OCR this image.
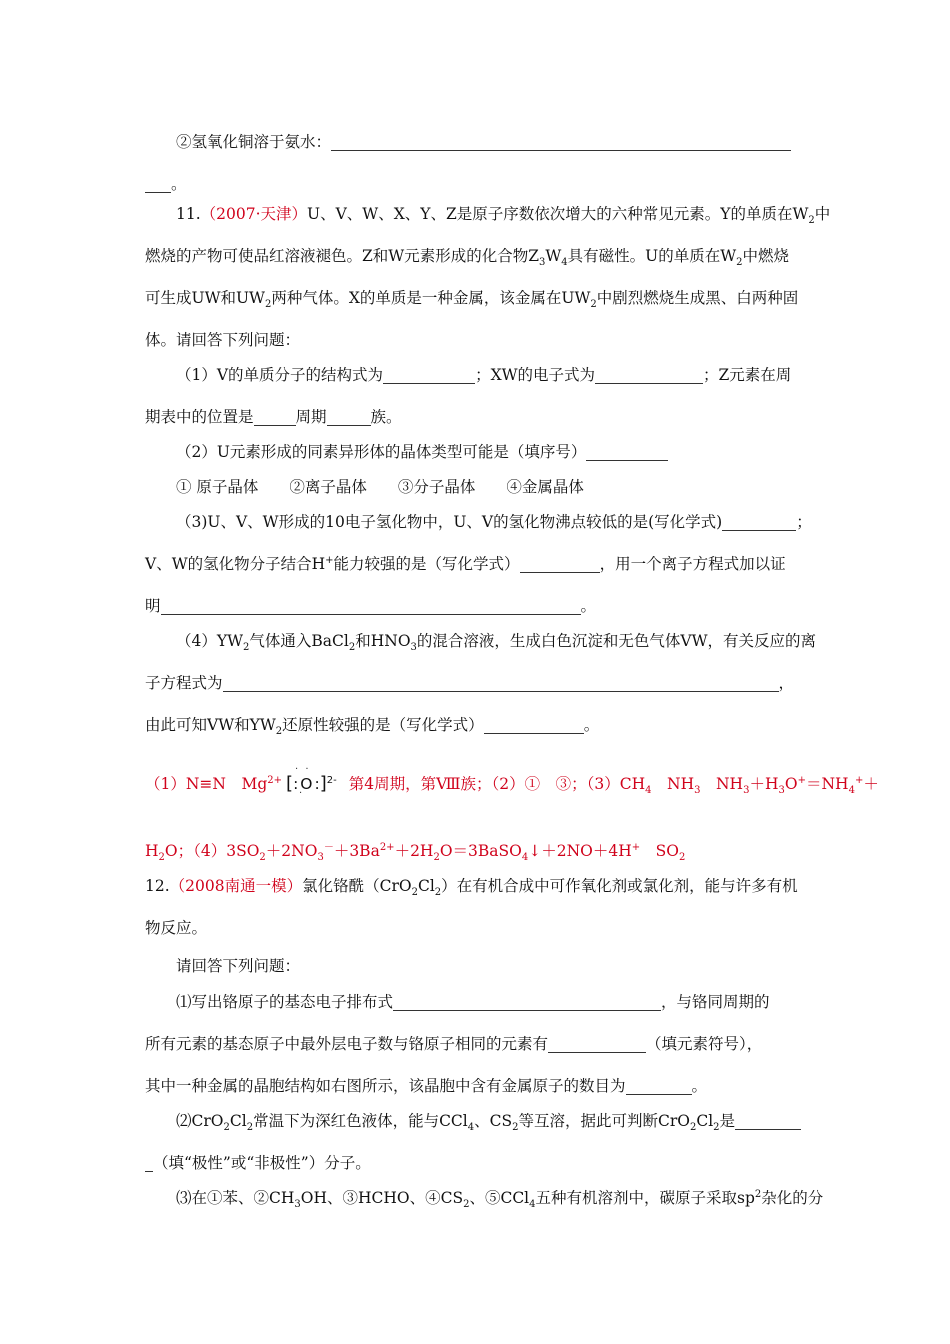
②氢氧化铜溶于氨水：
。
11.（2007·天津）U、V、W、X、Y、Z是原子序数依次增大的六种常见元素。Y的单质在$W_2$中
燃烧的产物可使品红溶液褪色。Z和W元素形成的化合物$Z_3W_4$具有磁性。U的单质在$W_2$中燃烧
可生成UW和$UW_2$两种气体。X的单质是一种金属，该金属在$UW_2$中剧烈燃烧生成黑、白两种固
体。请回答下列问题：
（1）V的单质分子的结构式为	；XW的电子式为	；Z元素在周
期表中的位置是	周期	族。
（2）U元素形成的同素异形体的晶体类型可能是（填序号）
① 原子晶体　　②离子晶体　　③分子晶体　　④金属晶体
（3)U、V、W形成的10电子氢化物中，U、V的氢化物沸点较低的是(写化学式)	；
V、W的氢化物分子结合H+能力较强的是（写化学式）	，用一个离子方程式加以证
明	。
$(4)YW_2$气体通入BaCl$_2$和$HNO_3$的混合溶液，生成白色沉淀和无色气体VW，有关反应的离
子方程式为	，
由此可知VW和$YW_2$还原性较强的是（写化学式）	。
（1）N≡N　$Mg^{2+}$ [: O :]$^{2-}$
· ·
·
第4周期，第Ⅷ族；（2）①　③；$(3)CH_4$　$NH_3$　$NH_3+H_3O^+=NH_4^++$
$H_2O$；$(4)3SO_2+2NO_3^-+3Ba^{2+}+2H_2O=3BaSO_4↓+2NO+4H^+$　$SO_2$
12.（2008南通一模）氯化铬酰$(CrO_2Cl_2)$在有机合成中可作氧化剂或氯化剂，能与许多有机
物反应。
请回答下列问题：
⑴写出铬原子的基态电子排布式	，与铬同周期的
所有元素的基态原子中最外层电子数与铬原子相同的元素有	（填元素符号），
其中一种金属的晶胞结构如右图所示，该晶胞中含有金属原子的数目为	。
$⑵CrO_2Cl_2$常温下为深红色液体，能与CCl$_4$、$CS_2$等互溶，据此可判断$CrO_2Cl_2$是
（填“极性”或“非极性”）分子。
⑶在①苯、$②CH_3OH$、③HCHO、$④CS_2$、⑤CCl$_4$五种有机溶剂中，碳原子采取$sp^2$杂化的分
